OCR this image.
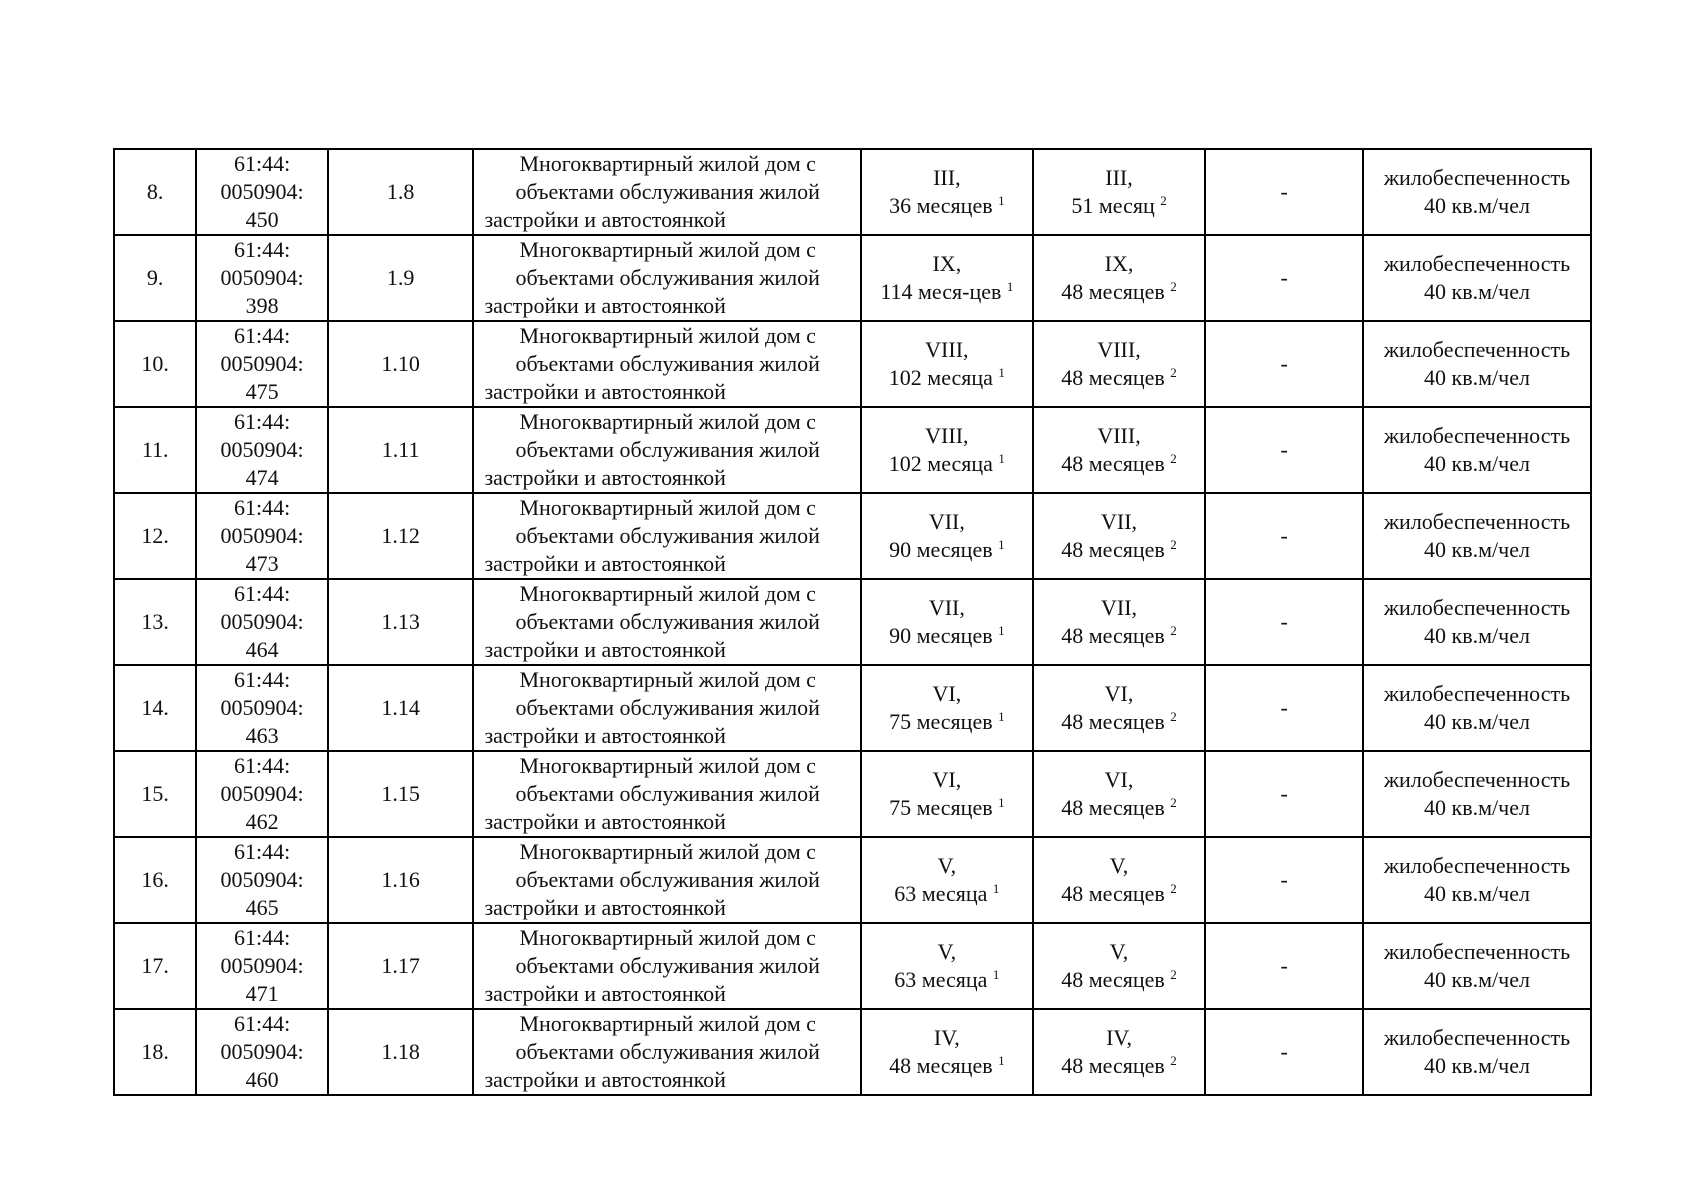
8.	61:44:
0050904:
450	1.8	Многоквартирный жилой дом с объектами обслуживания жилой застройки и автостоянкой	III,
36 месяцев $^1$	III,
51 месяц $^2$	-	жилобеспеченность
40 кв.м/чел

9.	61:44:
0050904:
398	1.9	Многоквартирный жилой дом с объектами обслуживания жилой застройки и автостоянкой	IX,
114 меся-цев $^1$	IX,
48 месяцев $^2$	-	жилобеспеченность
40 кв.м/чел

10.	61:44:
0050904:
475	1.10	Многоквартирный жилой дом с объектами обслуживания жилой застройки и автостоянкой	VIII,
102 месяца $^1$	VIII,
48 месяцев $^2$	-	жилобеспеченность
40 кв.м/чел

11.	61:44:
0050904:
474	1.11	Многоквартирный жилой дом с объектами обслуживания жилой застройки и автостоянкой	VIII,
102 месяца $^1$	VIII,
48 месяцев $^2$	-	жилобеспеченность
40 кв.м/чел

12.	61:44:
0050904:
473	1.12	Многоквартирный жилой дом с объектами обслуживания жилой застройки и автостоянкой	VII,
90 месяцев $^1$	VII,
48 месяцев $^2$	-	жилобеспеченность
40 кв.м/чел

13.	61:44:
0050904:
464	1.13	Многоквартирный жилой дом с объектами обслуживания жилой застройки и автостоянкой	VII,
90 месяцев $^1$	VII,
48 месяцев $^2$	-	жилобеспеченность
40 кв.м/чел

14.	61:44:
0050904:
463	1.14	Многоквартирный жилой дом с объектами обслуживания жилой застройки и автостоянкой	VI,
75 месяцев $^1$	VI,
48 месяцев $^2$	-	жилобеспеченность
40 кв.м/чел

15.	61:44:
0050904:
462	1.15	Многоквартирный жилой дом с объектами обслуживания жилой застройки и автостоянкой	VI,
75 месяцев $^1$	VI,
48 месяцев $^2$	-	жилобеспеченность
40 кв.м/чел

16.	61:44:
0050904:
465	1.16	Многоквартирный жилой дом с объектами обслуживания жилой застройки и автостоянкой	V,
63 месяца $^1$	V,
48 месяцев $^2$	-	жилобеспеченность
40 кв.м/чел

17.	61:44:
0050904:
471	1.17	Многоквартирный жилой дом с объектами обслуживания жилой застройки и автостоянкой	V,
63 месяца $^1$	V,
48 месяцев $^2$	-	жилобеспеченность
40 кв.м/чел

18.	61:44:
0050904:
460	1.18	Многоквартирный жилой дом с объектами обслуживания жилой застройки и автостоянкой	IV,
48 месяцев $^1$	IV,
48 месяцев $^2$	-	жилобеспеченность
40 кв.м/чел
